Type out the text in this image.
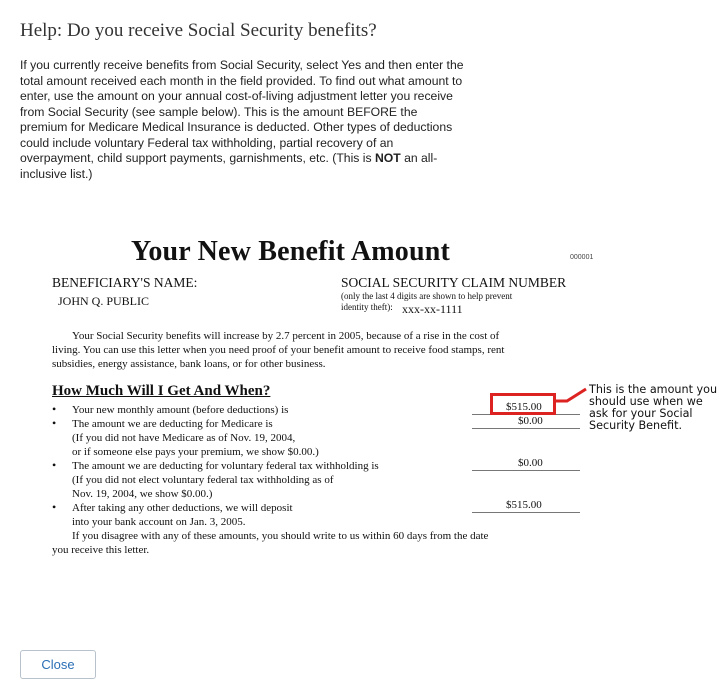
Help: Do you receive Social Security benefits?
If you currently receive benefits from Social Security, select Yes and then enter the total amount received each month in the field provided. To find out what amount to enter, use the amount on your annual cost-of-living adjustment letter you receive from Social Security (see sample below). This is the amount BEFORE the premium for Medicare Medical Insurance is deducted. Other types of deductions could include voluntary Federal tax withholding, partial recovery of an overpayment, child support payments, garnishments, etc. (This is NOT an all-inclusive list.)
Your New Benefit Amount	000001
BENEFICIARY'S NAME:
JOHN Q. PUBLIC
SOCIAL SECURITY CLAIM NUMBER
(only the last 4 digits are shown to help prevent
identity theft): xxx-xx-1111
Your Social Security benefits will increase by 2.7 percent in 2005, because of a rise in the cost of
living. You can use this letter when you need proof of your benefit amount to receive food stamps, rent
subsidies, energy assistance, bank loans, or for other business.
How Much Will I Get And When?
• Your new monthly amount (before deductions) is	$515.00
• The amount we are deducting for Medicare is
(If you did not have Medicare as of Nov. 19, 2004,
or if someone else pays your premium, we show $0.00.)
$0.00
• The amount we are deducting for voluntary federal tax withholding is
(If you did not elect voluntary federal tax withholding as of
Nov. 19, 2004, we show $0.00.)
$0.00
• After taking any other deductions, we will deposit
into your bank account on Jan. 3, 2005.
$515.00
If you disagree with any of these amounts, you should write to us within 60 days from the date
you receive this letter.
This is the amount you should use when we ask for your Social Security Benefit.
Close
